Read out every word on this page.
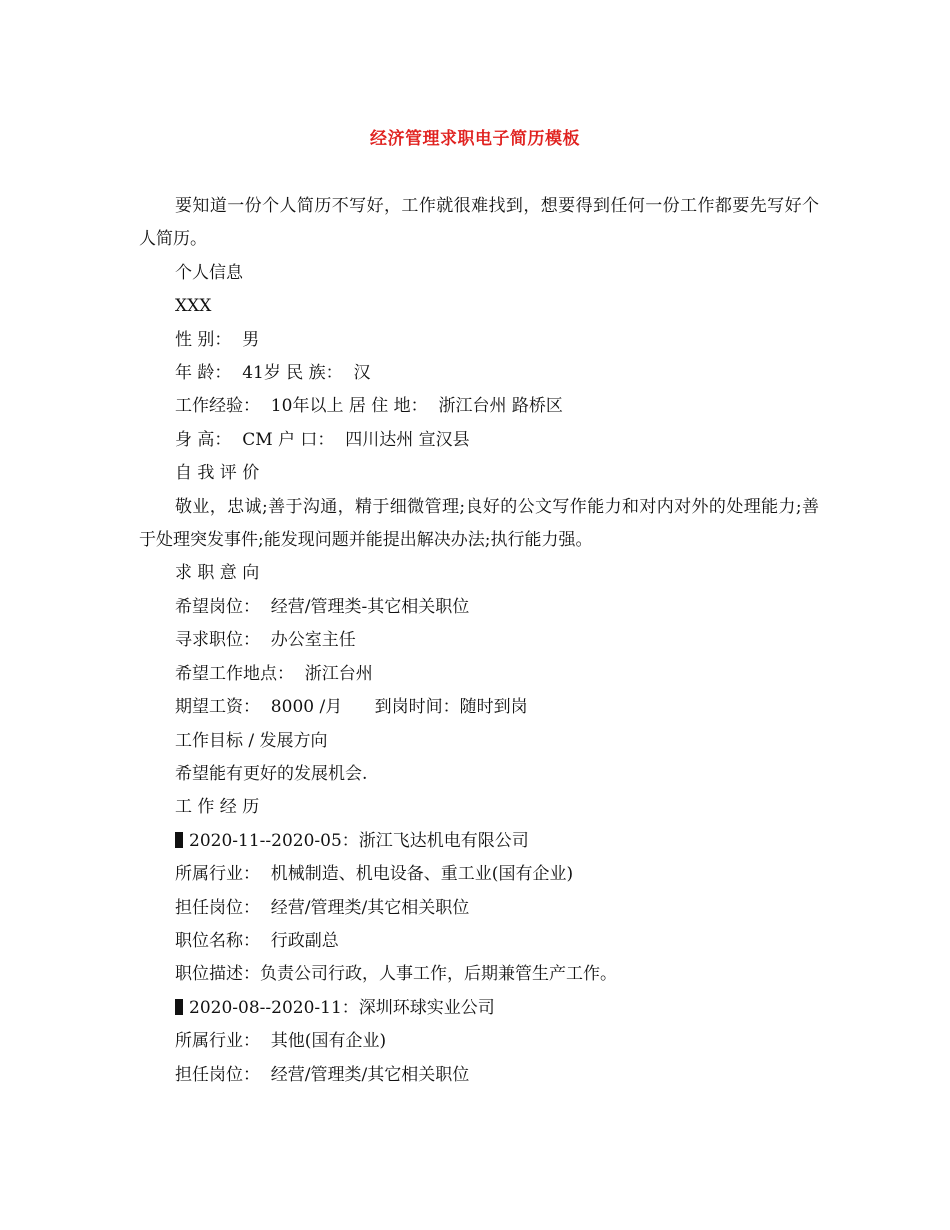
经济管理求职电子简历模板

要知道一份个人简历不写好，工作就很难找到，想要得到任何一份工作都要先写好个人简历。

个人信息
XXX
性 别：  男
年 龄：  41岁 民 族：  汉
工作经验：  10年以上 居 住 地：  浙江台州 路桥区
身 高：  CM 户 口：  四川达州 宣汉县
自 我 评 价

敬业，忠诚;善于沟通，精于细微管理;良好的公文写作能力和对内对外的处理能力;善于处理突发事件;能发现问题并能提出解决办法;执行能力强。

求 职 意 向
希望岗位：  经营/管理类-其它相关职位
寻求职位：  办公室主任
希望工作地点：  浙江台州
期望工资：  8000 /月      到岗时间：随时到岗
工作目标 / 发展方向
希望能有更好的发展机会.
工 作 经 历
2020-11--2020-05：浙江飞达机电有限公司
所属行业：  机械制造、机电设备、重工业(国有企业)
担任岗位：  经营/管理类/其它相关职位
职位名称：  行政副总
职位描述：负责公司行政，人事工作，后期兼管生产工作。
2020-08--2020-11：深圳环球实业公司
所属行业：  其他(国有企业)
担任岗位：  经营/管理类/其它相关职位
